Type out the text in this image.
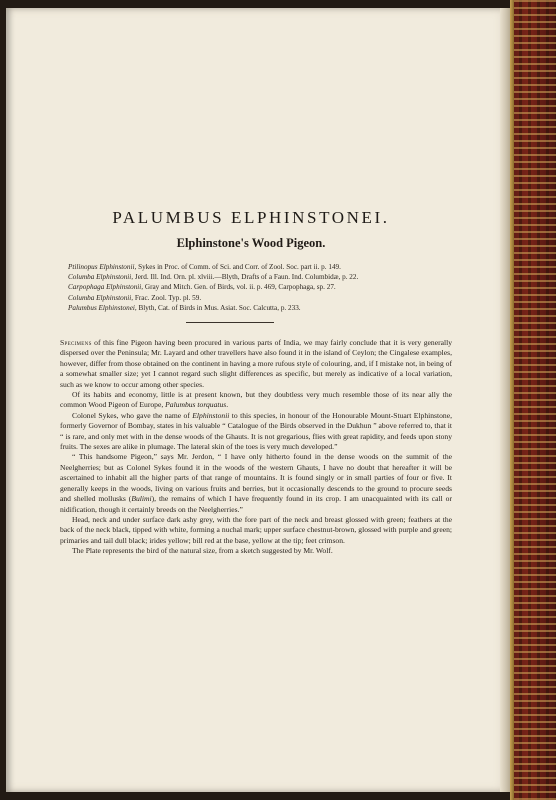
PALUMBUS ELPHINSTONEI.
Elphinstone's Wood Pigeon.
Ptilinopus Elphinstonii, Sykes in Proc. of Comm. of Sci. and Corr. of Zool. Soc. part ii. p. 149.
Columba Elphinstonii, Jerd. Ill. Ind. Orn. pl. xlviii.—Blyth, Drafts of a Faun. Ind. Columbidæ, p. 22.
Carpophaga Elphinstonii, Gray and Mitch. Gen. of Birds, vol. ii. p. 469, Carpophaga, sp. 27.
Columba Elphinstonii, Frас. Zool. Typ. pl. 59.
Palumbus Elphinstonei, Blyth, Cat. of Birds in Mus. Asiat. Soc. Calcutta, p. 233.

Specimens of this fine Pigeon having been procured in various parts of India, we may fairly conclude that it is very generally dispersed over the Peninsula; Mr. Layard and other travellers have also found it in the island of Ceylon; the Cingalese examples, however, differ from those obtained on the continent in having a more rufous style of colouring, and, if I mistake not, in being of a somewhat smaller size; yet I cannot regard such slight differences as specific, but merely as indicative of a local variation, such as we know to occur among other species.

Of its habits and economy, little is at present known, but they doubtless very much resemble those of its near ally the common Wood Pigeon of Europe, Palumbus torquatus.

Colonel Sykes, who gave the name of Elphinstonii to this species, in honour of the Honourable Mount-Stuart Elphinstone, formerly Governor of Bombay, states in his valuable “ Catalogue of the Birds observed in the Dukhun ” above referred to, that it “ is rare, and only met with in the dense woods of the Ghauts. It is not gregarious, flies with great rapidity, and feeds upon stony fruits. The sexes are alike in plumage. The lateral skin of the toes is very much developed.”

“ This handsome Pigeon,” says Mr. Jerdon, “ I have only hitherto found in the dense woods on the summit of the Neelgherries; but as Colonel Sykes found it in the woods of the western Ghauts, I have no doubt that hereafter it will be ascertained to inhabit all the higher parts of that range of mountains. It is found singly or in small parties of four or five. It generally keeps in the woods, living on various fruits and berries, but it occasionally descends to the ground to procure seeds and shelled mollusks (Bulimi), the remains of which I have frequently found in its crop. I am unacquainted with its call or nidification, though it certainly breeds on the Neelgherries.”

Head, neck and under surface dark ashy grey, with the fore part of the neck and breast glossed with green; feathers at the back of the neck black, tipped with white, forming a nuchal mark; upper surface chestnut-brown, glossed with purple and green; primaries and tail dull black; irides yellow; bill red at the base, yellow at the tip; feet crimson.

The Plate represents the bird of the natural size, from a sketch suggested by Mr. Wolf.
